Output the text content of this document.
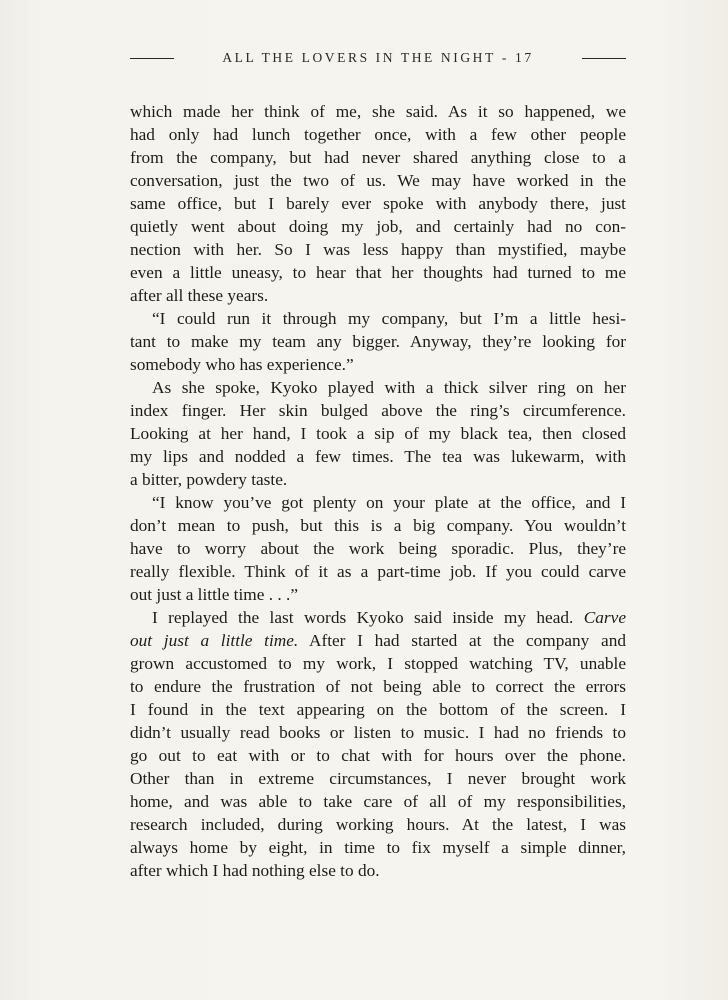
ALL THE LOVERS IN THE NIGHT - 17
which made her think of me, she said. As it so happened, we
had only had lunch together once, with a few other people
from the company, but had never shared anything close to a
conversation, just the two of us. We may have worked in the
same office, but I barely ever spoke with anybody there, just
quietly went about doing my job, and certainly had no con-
nection with her. So I was less happy than mystified, maybe
even a little uneasy, to hear that her thoughts had turned to me
after all these years.
“I could run it through my company, but I’m a little hesi-
tant to make my team any bigger. Anyway, they’re looking for
somebody who has experience.”
As she spoke, Kyoko played with a thick silver ring on her
index finger. Her skin bulged above the ring’s circumference.
Looking at her hand, I took a sip of my black tea, then closed
my lips and nodded a few times. The tea was lukewarm, with
a bitter, powdery taste.
“I know you’ve got plenty on your plate at the office, and I
don’t mean to push, but this is a big company. You wouldn’t
have to worry about the work being sporadic. Plus, they’re
really flexible. Think of it as a part-time job. If you could carve
out just a little time . . .”
I replayed the last words Kyoko said inside my head. Carve
out just a little time. After I had started at the company and
grown accustomed to my work, I stopped watching TV, unable
to endure the frustration of not being able to correct the errors
I found in the text appearing on the bottom of the screen. I
didn’t usually read books or listen to music. I had no friends to
go out to eat with or to chat with for hours over the phone.
Other than in extreme circumstances, I never brought work
home, and was able to take care of all of my responsibilities,
research included, during working hours. At the latest, I was
always home by eight, in time to fix myself a simple dinner,
after which I had nothing else to do.
